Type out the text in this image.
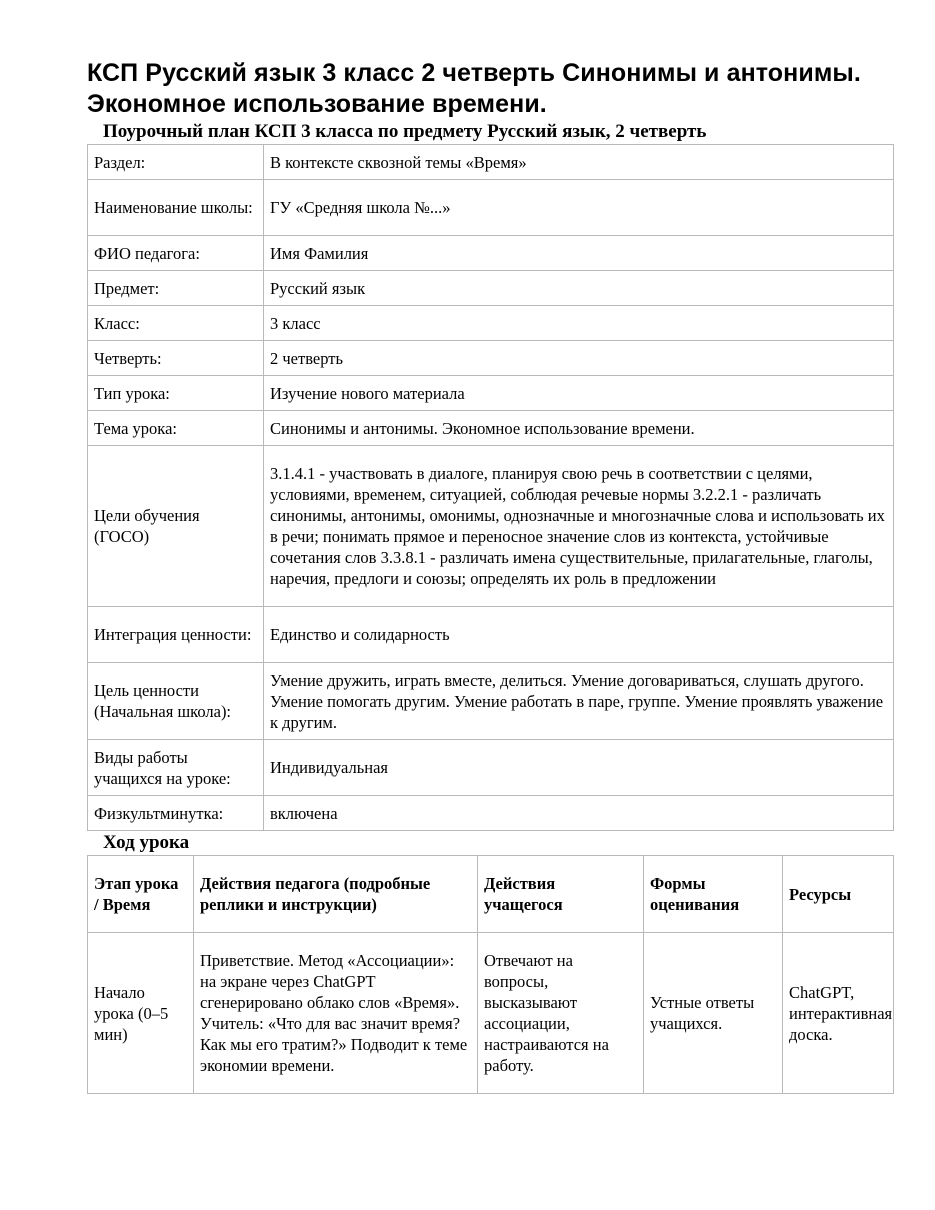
КСП Русский язык 3 класс 2 четверть Синонимы и антонимы. Экономное использование времени.
Поурочный план КСП 3 класса по предмету Русский язык, 2 четверть
Раздел:	В контексте сквозной темы «Время»
Наименование школы:	ГУ «Средняя школа №...»
ФИО педагога:	Имя Фамилия
Предмет:	Русский язык
Класс:	3 класс
Четверть:	2 четверть
Тип урока:	Изучение нового материала
Тема урока:	Синонимы и антонимы. Экономное использование времени.
Цели обучения (ГОСО)	3.1.4.1 - участвовать в диалоге, планируя свою речь в соответствии с целями, условиями, временем, ситуацией, соблюдая речевые нормы 3.2.2.1 - различать синонимы, антонимы, омонимы, однозначные и многозначные слова и использовать их в речи; понимать прямое и переносное значение слов из контекста, устойчивые сочетания слов 3.3.8.1 - различать имена существительные, прилагательные, глаголы, наречия, предлоги и союзы; определять их роль в предложении
Интеграция ценности:	Единство и солидарность
Цель ценности (Начальная школа):	Умение дружить, играть вместе, делиться. Умение договариваться, слушать другого. Умение помогать другим. Умение работать в паре, группе. Умение проявлять уважение к другим.
Виды работы учащихся на уроке:	Индивидуальная
Физкультминутка:	включена
Ход урока
Этап урока / Время	Действия педагога (подробные реплики и инструкции)	Действия учащегося	Формы оценивания	Ресурсы
Начало урока (0–5 мин)	Приветствие. Метод «Ассоциации»: на экране через ChatGPT сгенерировано облако слов «Время». Учитель: «Что для вас значит время? Как мы его тратим?» Подводит к теме экономии времени.	Отвечают на вопросы, высказывают ассоциации, настраиваются на работу.	Устные ответы учащихся.	ChatGPT, интерактивная доска.
